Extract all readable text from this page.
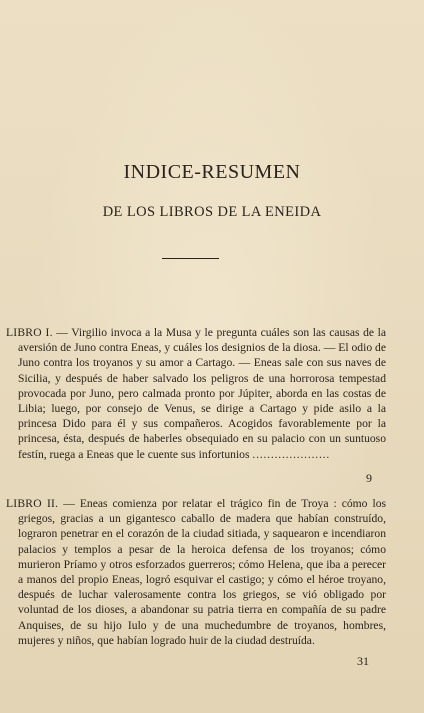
INDICE-RESUMEN
DE LOS LIBROS DE LA ENEIDA

LIBRO I. — Virgilio invoca a la Musa y le pregunta cuáles son las causas de la aversión de Juno contra Eneas, y cuáles los designios de la diosa. — El odio de Juno contra los troyanos y su amor a Cartago. — Eneas sale con sus naves de Sicilia, y después de haber salvado los peligros de una horrorosa tempestad provocada por Juno, pero calmada pronto por Júpiter, aborda en las costas de Libia; luego, por consejo de Venus, se dirige a Cartago y pide asilo a la princesa Dido para él y sus compañeros. Acogidos favorablemente por la princesa, ésta, después de haberles obsequiado en su palacio con un suntuoso festín, ruega a Eneas que le cuente sus infortunios .....................

9

LIBRO II. — Eneas comienza por relatar el trágico fin de Troya : cómo los griegos, gracias a un gigantesco caballo de madera que habían construído, lograron penetrar en el corazón de la ciudad sitiada, y saquearon e incendiaron palacios y templos a pesar de la heroica defensa de los troyanos; cómo murieron Príamo y otros esforzados guerreros; cómo Helena, que iba a perecer a manos del propio Eneas, logró esquivar el castigo; y cómo el héroe troyano, después de luchar valerosamente contra los griegos, se vió obligado por voluntad de los dioses, a abandonar su patria tierra en compañía de su padre Anquises, de su hijo Iulo y de una muchedumbre de troyanos, hombres, mujeres y niños, que habían logrado huir de la ciudad destruída.

31
